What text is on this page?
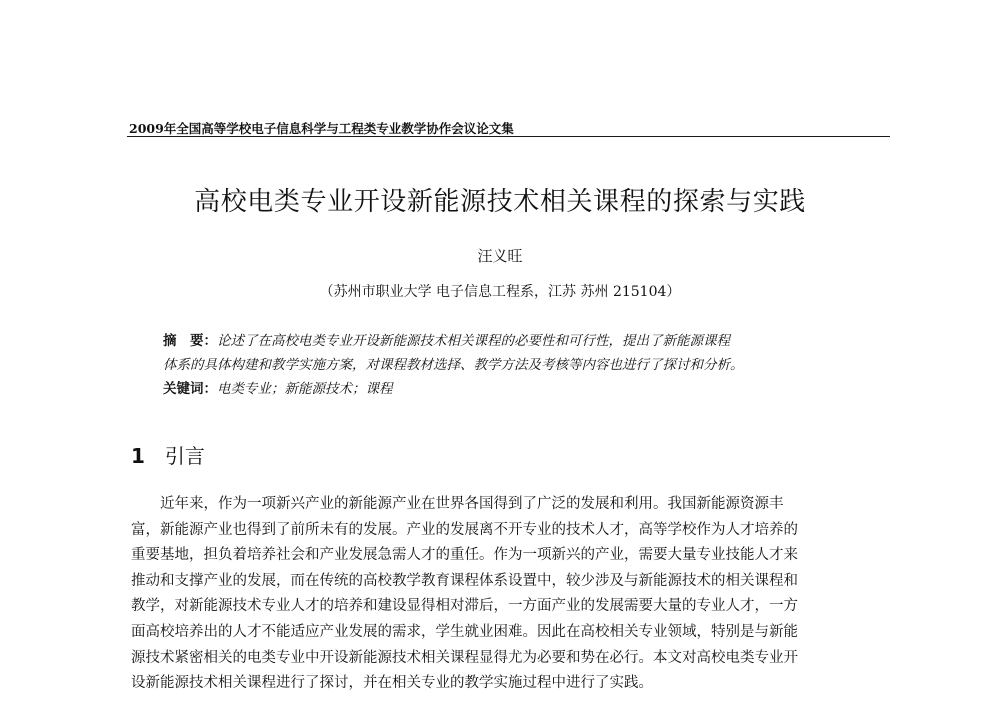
2009年全国高等学校电子信息科学与工程类专业教学协作会议论文集
高校电类专业开设新能源技术相关课程的探索与实践
汪义旺
（苏州市职业大学 电子信息工程系，江苏 苏州 215104）
摘　要：论述了在高校电类专业开设新能源技术相关课程的必要性和可行性，提出了新能源课程
体系的具体构建和教学实施方案，对课程教材选择、教学方法及考核等内容也进行了探讨和分析。
关键词：电类专业；新能源技术；课程
1 引言
近年来，作为一项新兴产业的新能源产业在世界各国得到了广泛的发展和利用。我国新能源资源丰
富，新能源产业也得到了前所未有的发展。产业的发展离不开专业的技术人才，高等学校作为人才培养的
重要基地，担负着培养社会和产业发展急需人才的重任。作为一项新兴的产业，需要大量专业技能人才来
推动和支撑产业的发展，而在传统的高校教学教育课程体系设置中，较少涉及与新能源技术的相关课程和
教学，对新能源技术专业人才的培养和建设显得相对滞后，一方面产业的发展需要大量的专业人才，一方
面高校培养出的人才不能适应产业发展的需求，学生就业困难。因此在高校相关专业领域，特别是与新能
源技术紧密相关的电类专业中开设新能源技术相关课程显得尤为必要和势在必行。本文对高校电类专业开
设新能源技术相关课程进行了探讨，并在相关专业的教学实施过程中进行了实践。
